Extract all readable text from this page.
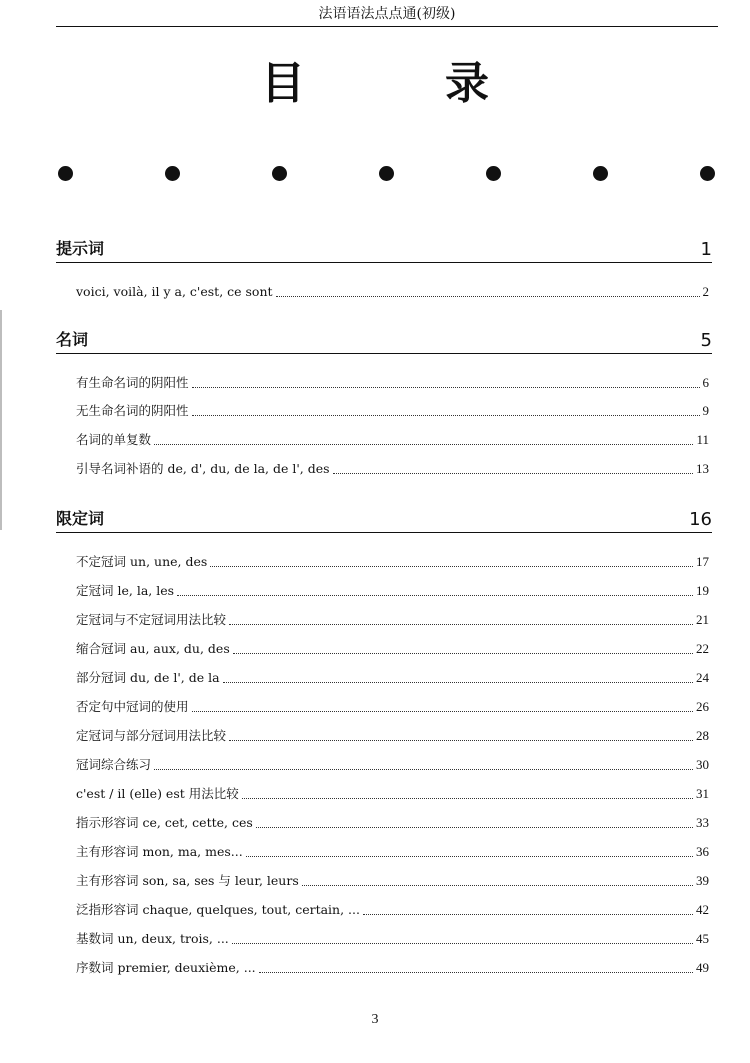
法语语法点点通(初级)
目　录
提示词	1
voici, voilà, il y a, c'est, ce sont	2
名词	5
有生命名词的阴阳性	6
无生命名词的阴阳性	9
名词的单复数	11
引导名词补语的 de, d', du, de la, de l', des	13
限定词	16
不定冠词 un, une, des	17
定冠词 le, la, les	19
定冠词与不定冠词用法比较	21
缩合冠词 au, aux, du, des	22
部分冠词 du, de l', de la	24
否定句中冠词的使用	26
定冠词与部分冠词用法比较	28
冠词综合练习	30
c'est / il (elle) est 用法比较	31
指示形容词 ce, cet, cette, ces	33
主有形容词 mon, ma, mes...	36
主有形容词 son, sa, ses 与 leur, leurs	39
泛指形容词 chaque, quelques, tout, certain, ...	42
基数词 un, deux, trois, ...	45
序数词 premier, deuxième, ...	49
3
